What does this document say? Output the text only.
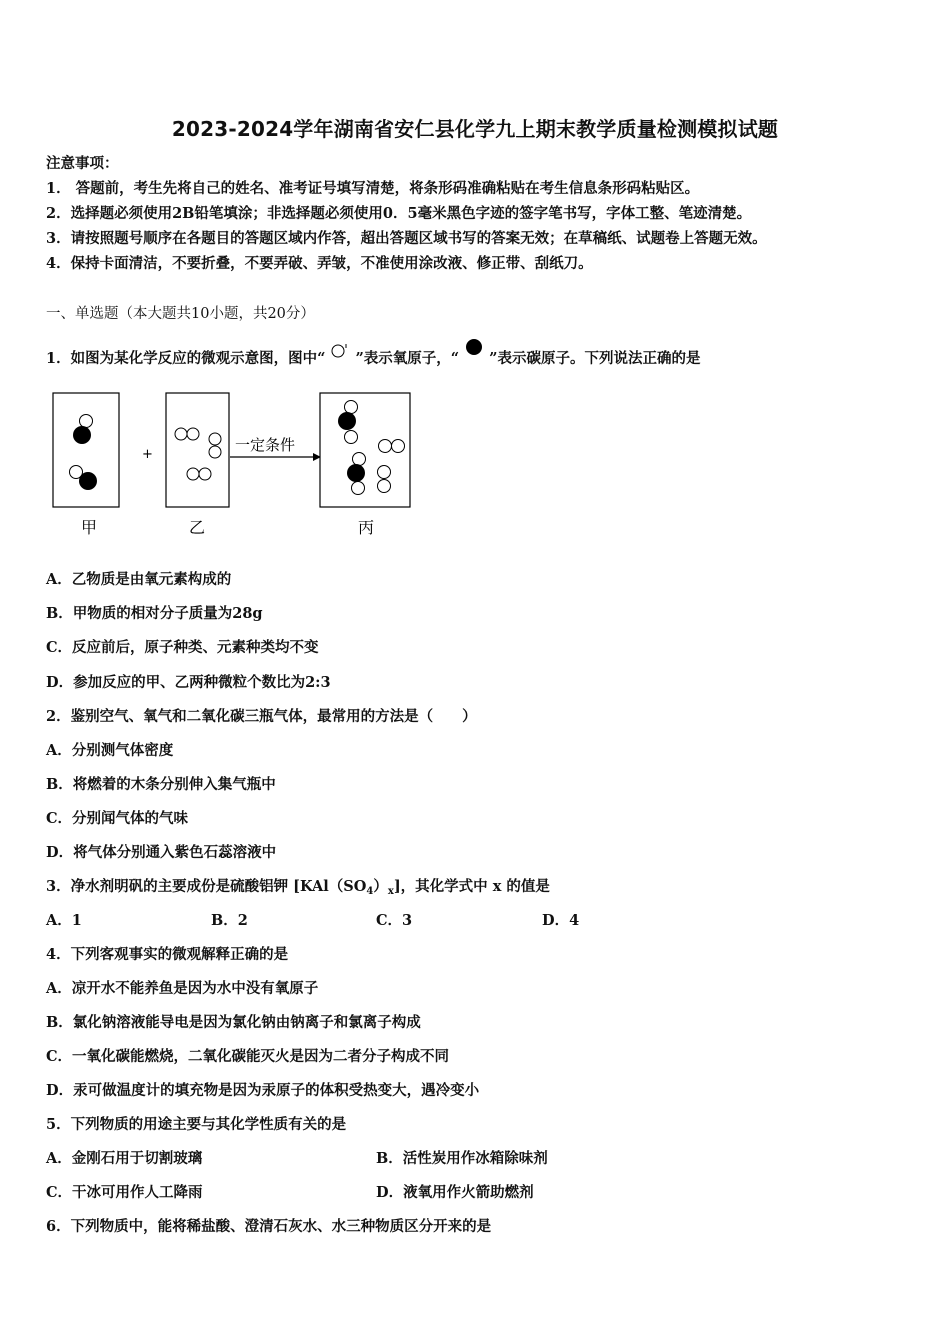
2023-2024学年湖南省安仁县化学九上期末教学质量检测模拟试题
注意事项：
1． 答题前，考生先将自己的姓名、准考证号填写清楚，将条形码准确粘贴在考生信息条形码粘贴区。
2．选择题必须使用2B铅笔填涂；非选择题必须使用0．5毫米黑色字迹的签字笔书写，字体工整、笔迹清楚。
3．请按照题号顺序在各题目的答题区域内作答，超出答题区域书写的答案无效；在草稿纸、试题卷上答题无效。
4．保持卡面清洁，不要折叠，不要弄破、弄皱，不准使用涂改液、修正带、刮纸刀。
一、单选题（本大题共10小题，共20分）
1．如图为某化学反应的微观示意图，图中“ ”表示氧原子，“ ”表示碳原子。下列说法正确的是
+
一定条件
甲	乙	丙
A．乙物质是由氧元素构成的
B．甲物质的相对分子质量为28g
C．反应前后，原子种类、元素种类均不变
D．参加反应的甲、乙两种微粒个数比为2:3
2．鉴别空气、氧气和二氧化碳三瓶气体，最常用的方法是（　　）
A．分别测气体密度
B．将燃着的木条分别伸入集气瓶中
C．分别闻气体的气味
D．将气体分别通入紫色石蕊溶液中
3．净水剂明矾的主要成份是硫酸铝钾 $[KAl(SO_4)_x]$，其化学式中 x 的值是
A．1	B．2	C．3	D．4
4．下列客观事实的微观解释正确的是
A．凉开水不能养鱼是因为水中没有氧原子
B．氯化钠溶液能导电是因为氯化钠由钠离子和氯离子构成
C．一氧化碳能燃烧，二氧化碳能灭火是因为二者分子构成不同
D．汞可做温度计的填充物是因为汞原子的体积受热变大，遇冷变小
5．下列物质的用途主要与其化学性质有关的是
A．金刚石用于切割玻璃	B．活性炭用作冰箱除味剂
C．干冰可用作人工降雨	D．液氧用作火箭助燃剂
6．下列物质中，能将稀盐酸、澄清石灰水、水三种物质区分开来的是
